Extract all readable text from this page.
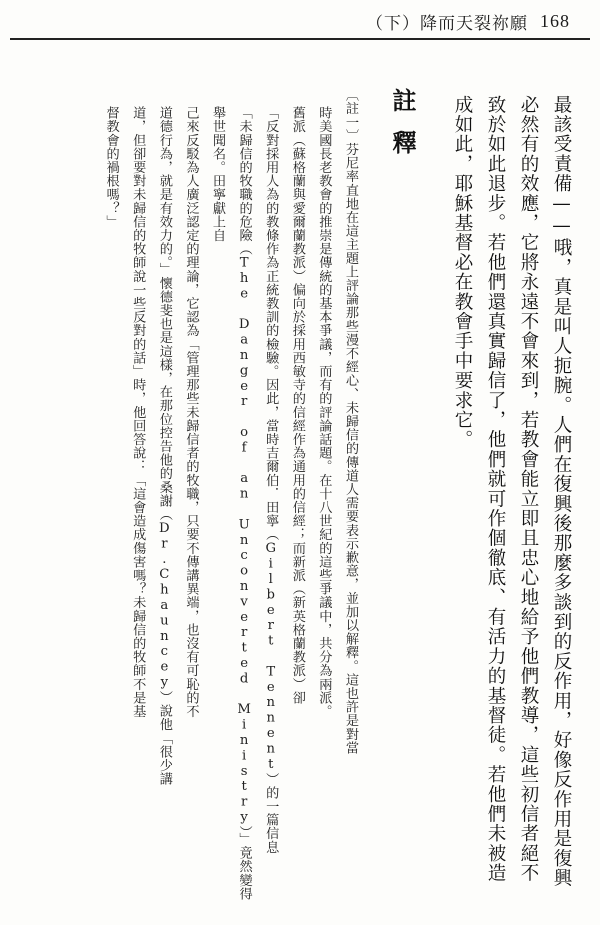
（下）降而天裂祢願 168
最該受責備——哦，真是叫人扼腕。人們在復興後那麼多談到的反作用，好像反作用是復興
必然有的效應，它將永遠不會來到，若教會能立即且忠心地給予他們教導，這些初信者絕不
致於如此退步。若他們還真實歸信了，他們就可作個徹底、有活力的基督徒。若他們未被造
成如此，耶穌基督必在教會手中要求它。
註釋
〔註一〕芬尼率直地在這主題上評論那些漫不經心、未歸信的傳道人需要表示歉意，並加以解釋。這也許是對當
時美國長老教會的推崇是傳統的基本爭議，而有的評論話題。在十八世紀的這些爭議中，共分為兩派。
舊派（蘇格蘭與愛爾蘭教派）偏向於採用西敏寺的信經作為通用的信經；而新派（新英格蘭教派）卻
「反對採用人為的教條作為正統教訓的檢驗。因此，當時吉爾伯．田寧（Gilbert Tennent）的一篇信息
「未歸信的牧職的危險（The Danger of an Unconverted Ministry）」竟然變得舉世聞名。田寧獻上自
己來反駁為人廣泛認定的理論，它認為「管理那些未歸信者的牧職，只要不傳講異端，也沒有可恥的不
道德行為，就是有效力的。」懷德斐也是這樣，在那位控告他的桑謝（Dr.Chauncey）說他「很少講
道，但卻要對未歸信的牧師說一些反對的話」時，他回答說：「這會造成傷害嗎？未歸信的牧師不是基
督教會的禍根嗎？」
